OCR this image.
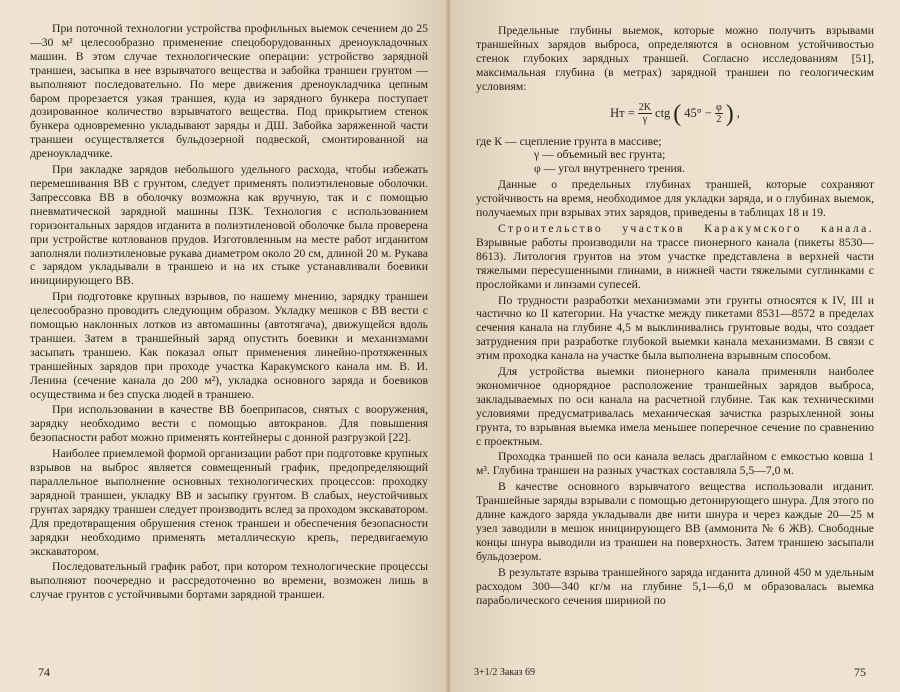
При поточной технологии устройства профильных выемок сечением до 25—30 м² целесообразно применение спецоборудованных дреноукладочных машин. В этом случае технологические операции: устройство зарядной траншеи, засыпка в нее взрывчатого вещества и забойка траншеи грунтом — выполняют последовательно. По мере движения дреноукладчика цепным баром прорезается узкая траншея, куда из зарядного бункера поступает дозированное количество взрывчатого вещества. Под прикрытием стенок бункера одновременно укладывают заряды и ДШ. Забойка заряженной части траншеи осуществляется бульдозерной подвеской, смонтированной на дреноукладчике.

При закладке зарядов небольшого удельного расхода, чтобы избежать перемешивания ВВ с грунтом, следует применять полиэтиленовые оболочки. Запрессовка ВВ в оболочку возможна как вручную, так и с помощью пневматической зарядной машины ПЗК. Технология с использованием горизонтальных зарядов игданита в полиэтиленовой оболочке была проверена при устройстве котлованов прудов. Изготовленным на месте работ игданитом заполняли полиэтиленовые рукава диаметром около 20 см, длиной 20 м. Рукава с зарядом укладывали в траншею и на их стыке устанавливали боевики инициирующего ВВ.

При подготовке крупных взрывов, по нашему мнению, зарядку траншеи целесообразно проводить следующим образом. Укладку мешков с ВВ вести с помощью наклонных лотков из автомашины (автотягача), движущейся вдоль траншеи. Затем в траншейный заряд опустить боевики и механизмами засыпать траншею. Как показал опыт применения линейно-протяженных траншейных зарядов при проходе участка Каракумского канала им. В. И. Ленина (сечение канала до 200 м²), укладка основного заряда и боевиков осуществима и без спуска людей в траншею.

При использовании в качестве ВВ боеприпасов, снятых с вооружения, зарядку необходимо вести с помощью автокранов. Для повышения безопасности работ можно применять контейнеры с донной разгрузкой [22].

Наиболее приемлемой формой организации работ при подготовке крупных взрывов на выброс является совмещенный график, предопределяющий параллельное выполнение основных технологических процессов: проходку зарядной траншеи, укладку ВВ и засыпку грунтом. В слабых, неустойчивых грунтах зарядку траншеи следует производить вслед за проходом экскаватором. Для предотвращения обрушения стенок траншеи и обеспечения безопасности зарядки необходимо применять металлическую крепь, передвигаемую экскаватором.

Последовательный график работ, при котором технологические процессы выполняют поочередно и рассредоточенно во времени, возможен лишь в случае грунтов с устойчивыми бортами зарядной траншеи.

74

Предельные глубины выемок, которые можно получить взрывами траншейных зарядов выброса, определяются в основном устойчивостью стенок глубоких зарядных траншей. Согласно исследованиям [51], максимальная глубина (в метрах) зарядной траншеи по геологическим условиям:

Hт = $\frac{2K}{\gamma}$ ctg ( $45^\circ - \frac{\varphi}{2}$ ) ,
где К — сцепление грунта в массиве;
γ — объемный вес грунта;
φ — угол внутреннего трения.

Данные о предельных глубинах траншей, которые сохраняют устойчивость на время, необходимое для укладки заряда, и о глубинах выемок, получаемых при взрывах этих зарядов, приведены в таблицах 18 и 19.

Строительство участков Каракумского канала. Взрывные работы производили на трассе пионерного канала (пикеты 8530—8613). Литология грунтов на этом участке представлена в верхней части тяжелыми пересушенными глинами, в нижней части тяжелыми суглинками с прослойками и линзами супесей.

По трудности разработки механизмами эти грунты относятся к IV, III и частично ко II категории. На участке между пикетами 8531—8572 в пределах сечения канала на глубине 4,5 м выклинивались грунтовые воды, что создает затруднения при разработке глубокой выемки канала механизмами. В связи с этим проходка канала на участке была выполнена взрывным способом.

Для устройства выемки пионерного канала применяли наиболее экономичное однорядное расположение траншейных зарядов выброса, закладываемых по оси канала на расчетной глубине. Так как техническими условиями предусматривалась механическая зачистка разрыхленной зоны грунта, то взрывная выемка имела меньшее поперечное сечение по сравнению с проектным.

Проходка траншей по оси канала велась драглайном с емкостью ковша 1 м³. Глубина траншеи на разных участках составляла 5,5—7,0 м.

В качестве основного взрывчатого вещества использовали игданит. Траншейные заряды взрывали с помощью детонирующего шнура. Для этого по длине каждого заряда укладывали две нити шнура и через каждые 20—25 м узел заводили в мешок инициирующего ВВ (аммонита № 6 ЖВ). Свободные концы шнура выводили из траншеи на поверхность. Затем траншею засыпали бульдозером.

В результате взрыва траншейного заряда игданита длиной 450 м удельным расходом 300—340 кг/м на глубине 5,1—6,0 м образовалась выемка параболического сечения шириной по

3+1/2 Заказ 69	75
